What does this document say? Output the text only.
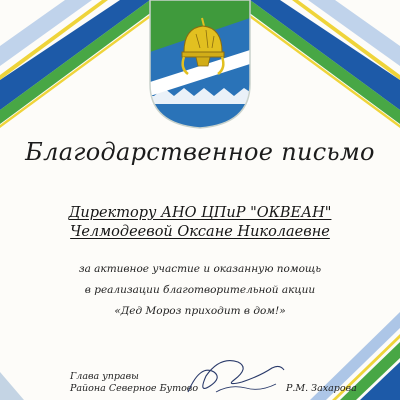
Благодарственное письмо
Директору АНО ЦПиР "ОКВЕАН"
Челмодеевой Оксане Николаевне
за активное участие и оказанную помощь
в реализации благотворительной акции
«Дед Мороз приходит в дом!»
Глава управы
Района Северное Бутово	Р.М. Захарова
